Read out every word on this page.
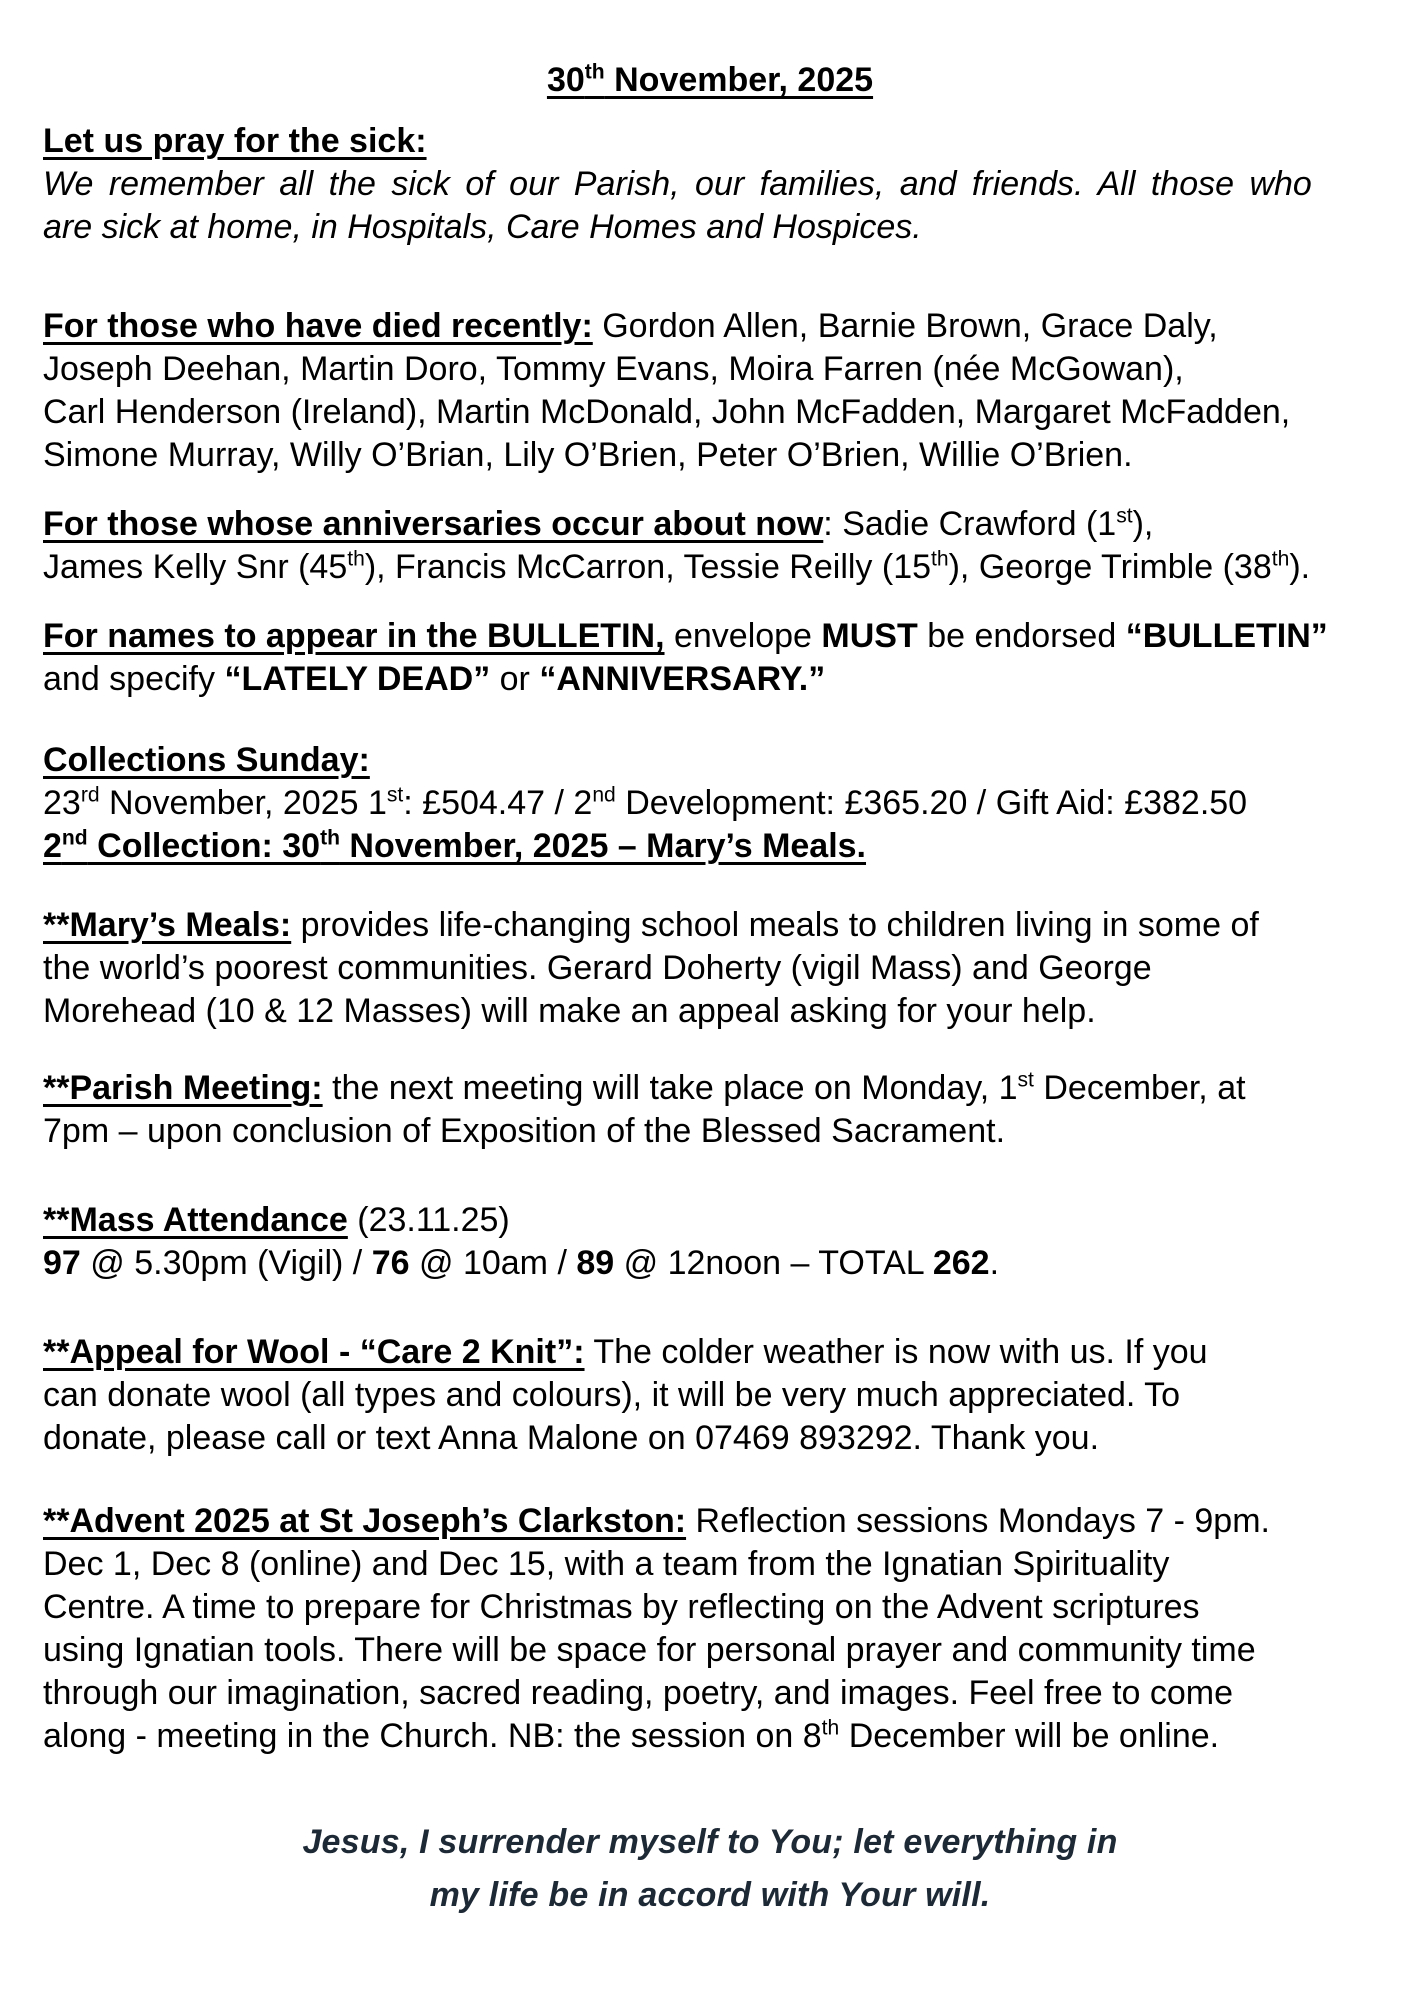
30th November, 2025
Let us pray for the sick:
We remember all the sick of our Parish, our families, and friends. All those who
are sick at home, in Hospitals, Care Homes and Hospices.
For those who have died recently: Gordon Allen, Barnie Brown, Grace Daly,
Joseph Deehan, Martin Doro, Tommy Evans, Moira Farren (née McGowan),
Carl Henderson (Ireland), Martin McDonald, John McFadden, Margaret McFadden,
Simone Murray, Willy O’Brian, Lily O’Brien, Peter O’Brien, Willie O’Brien.
For those whose anniversaries occur about now: Sadie Crawford (1st),
James Kelly Snr (45th), Francis McCarron, Tessie Reilly (15th), George Trimble (38th).
For names to appear in the BULLETIN, envelope MUST be endorsed “BULLETIN”
and specify “LATELY DEAD” or “ANNIVERSARY.”
Collections Sunday:
23rd November, 2025 1st: £504.47 / 2nd Development: £365.20 / Gift Aid: £382.50
2nd Collection: 30th November, 2025 – Mary’s Meals.
**Mary’s Meals: provides life-changing school meals to children living in some of
the world’s poorest communities. Gerard Doherty (vigil Mass) and George
Morehead (10 & 12 Masses) will make an appeal asking for your help.
**Parish Meeting: the next meeting will take place on Monday, 1st December, at
7pm – upon conclusion of Exposition of the Blessed Sacrament.
**Mass Attendance (23.11.25)
97 @ 5.30pm (Vigil) / 76 @ 10am / 89 @ 12noon – TOTAL 262.
**Appeal for Wool - “Care 2 Knit”: The colder weather is now with us. If you
can donate wool (all types and colours), it will be very much appreciated. To
donate, please call or text Anna Malone on 07469 893292. Thank you.
**Advent 2025 at St Joseph’s Clarkston: Reflection sessions Mondays 7 - 9pm.
Dec 1, Dec 8 (online) and Dec 15, with a team from the Ignatian Spirituality
Centre. A time to prepare for Christmas by reflecting on the Advent scriptures
using Ignatian tools. There will be space for personal prayer and community time
through our imagination, sacred reading, poetry, and images. Feel free to come
along - meeting in the Church. NB: the session on 8th December will be online.
Jesus, I surrender myself to You; let everything in
my life be in accord with Your will.
